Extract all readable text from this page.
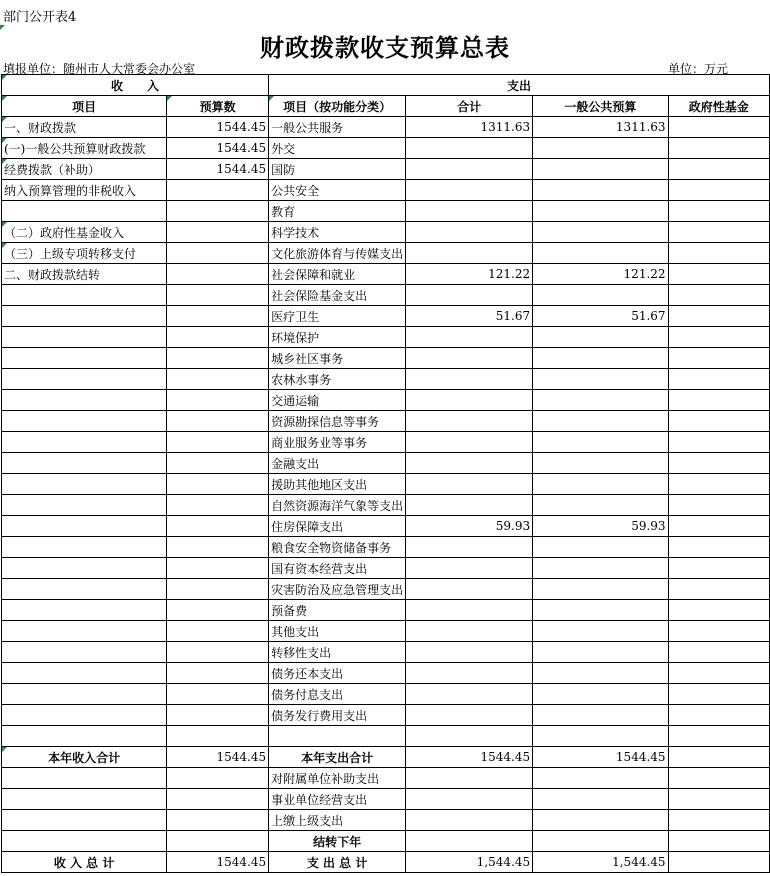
部门公开表4
财政拨款收支预算总表
填报单位：随州市人大常委会办公室	单位：万元
收　　入		支出			
项目	预算数	项目（按功能分类）	合计	一般公共预算	政府性基金
一、财政拨款	1544.45	一般公共服务	1311.63	1311.63	
(一)一般公共预算财政拨款	1544.45	外交			
经费拨款（补助）	1544.45	国防			
纳入预算管理的非税收入		公共安全			
		教育			
（二）政府性基金收入		科学技术			
（三）上级专项转移支付		文化旅游体育与传媒支出			
二、财政拨款结转		社会保障和就业	121.22	121.22	
		社会保险基金支出			
		医疗卫生	51.67	51.67	
		环境保护			
		城乡社区事务			
		农林水事务			
		交通运输			
		资源勘探信息等事务			
		商业服务业等事务			
		金融支出			
		援助其他地区支出			
		自然资源海洋气象等支出			
		住房保障支出	59.93	59.93	
		粮食安全物资储备事务			
		国有资本经营支出			
		灾害防治及应急管理支出			
		预备费			
		其他支出			
		转移性支出			
		债务还本支出			
		债务付息支出			
		债务发行费用支出			

本年收入合计	1544.45	本年支出合计	1544.45	1544.45	
		对附属单位补助支出			
		事业单位经营支出			
		上缴上级支出			
		结转下年			
收 入 总 计	1544.45	支 出 总 计	1,544.45	1,544.45	
